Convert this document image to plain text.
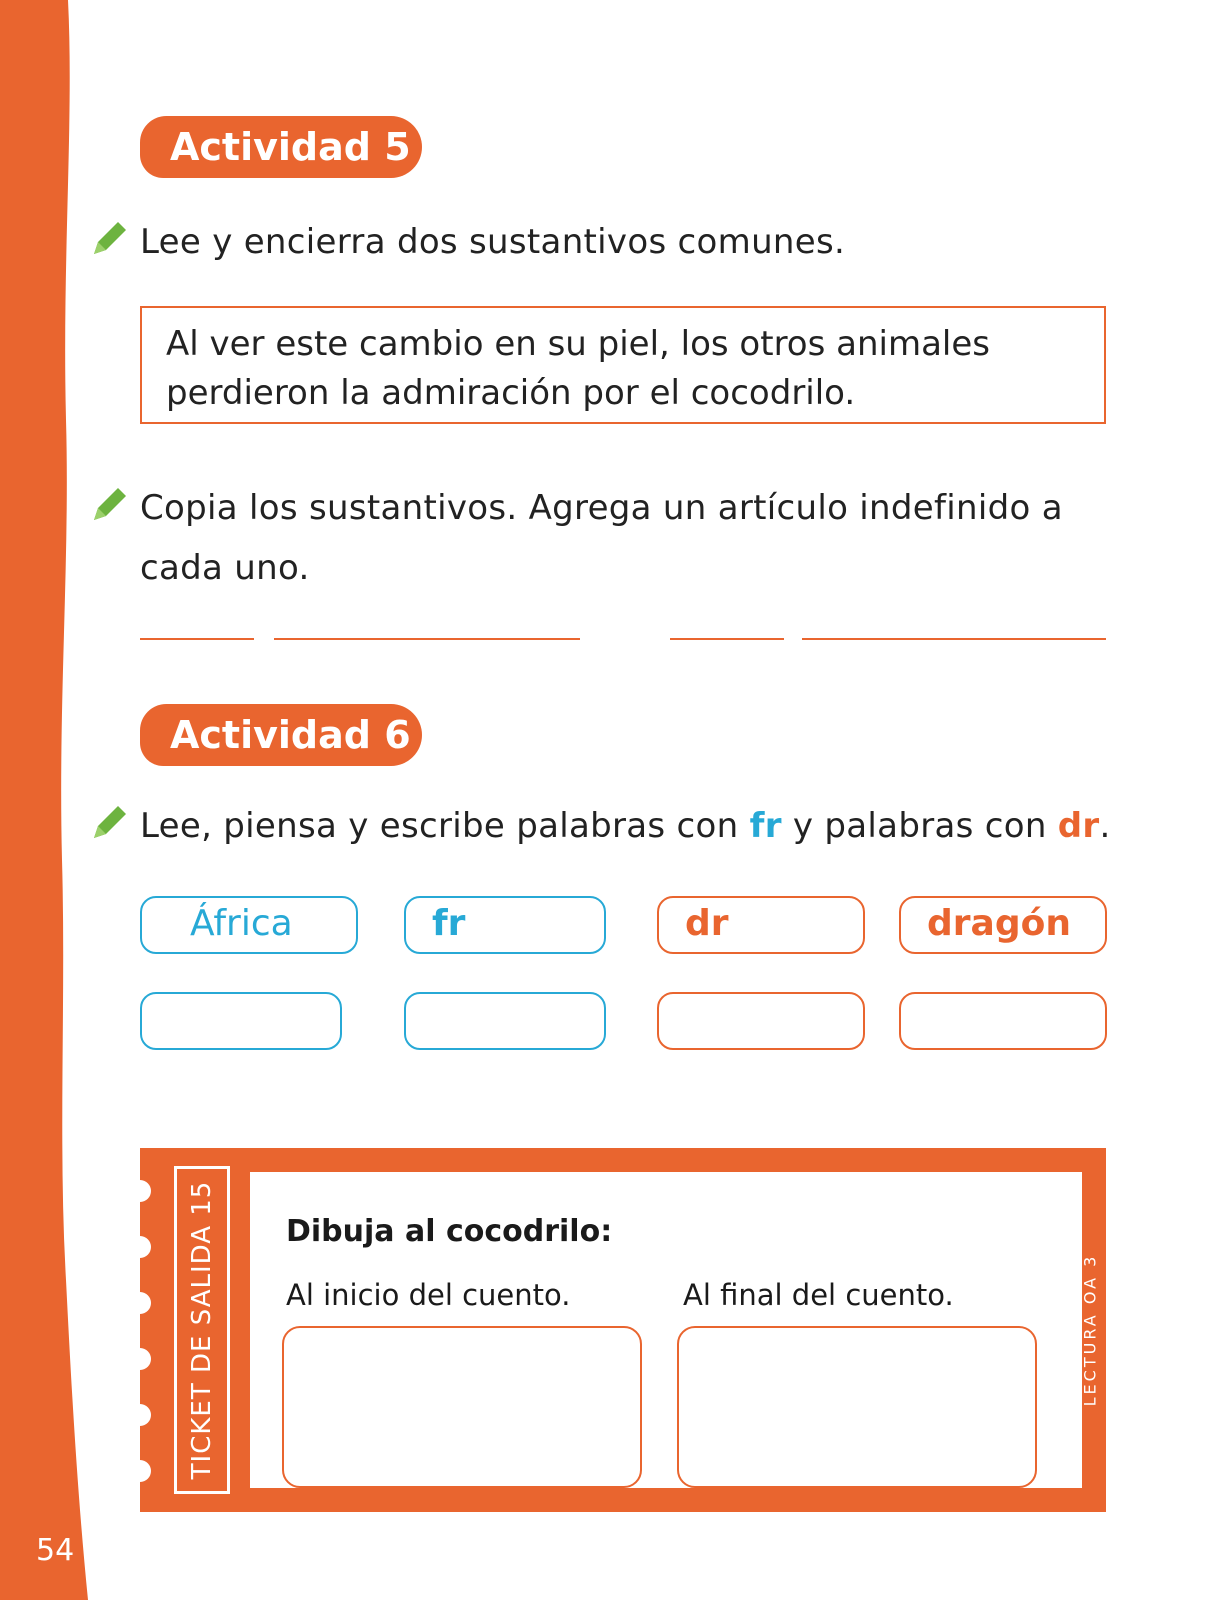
54
Actividad 5
Lee y encierra dos sustantivos comunes.
Al ver este cambio en su piel, los otros animales
perdieron la admiración por el cocodrilo.
Copia los sustantivos. Agrega un artículo indefinido a
cada uno.
Actividad 6
Lee, piensa y escribe palabras con fr y palabras con dr.
África	fr	dr	dragón
TICKET DE SALIDA 15 Dibuja al cocodrilo:
Al inicio del cuento.	Al final del cuento.	LECTURA OA 3
